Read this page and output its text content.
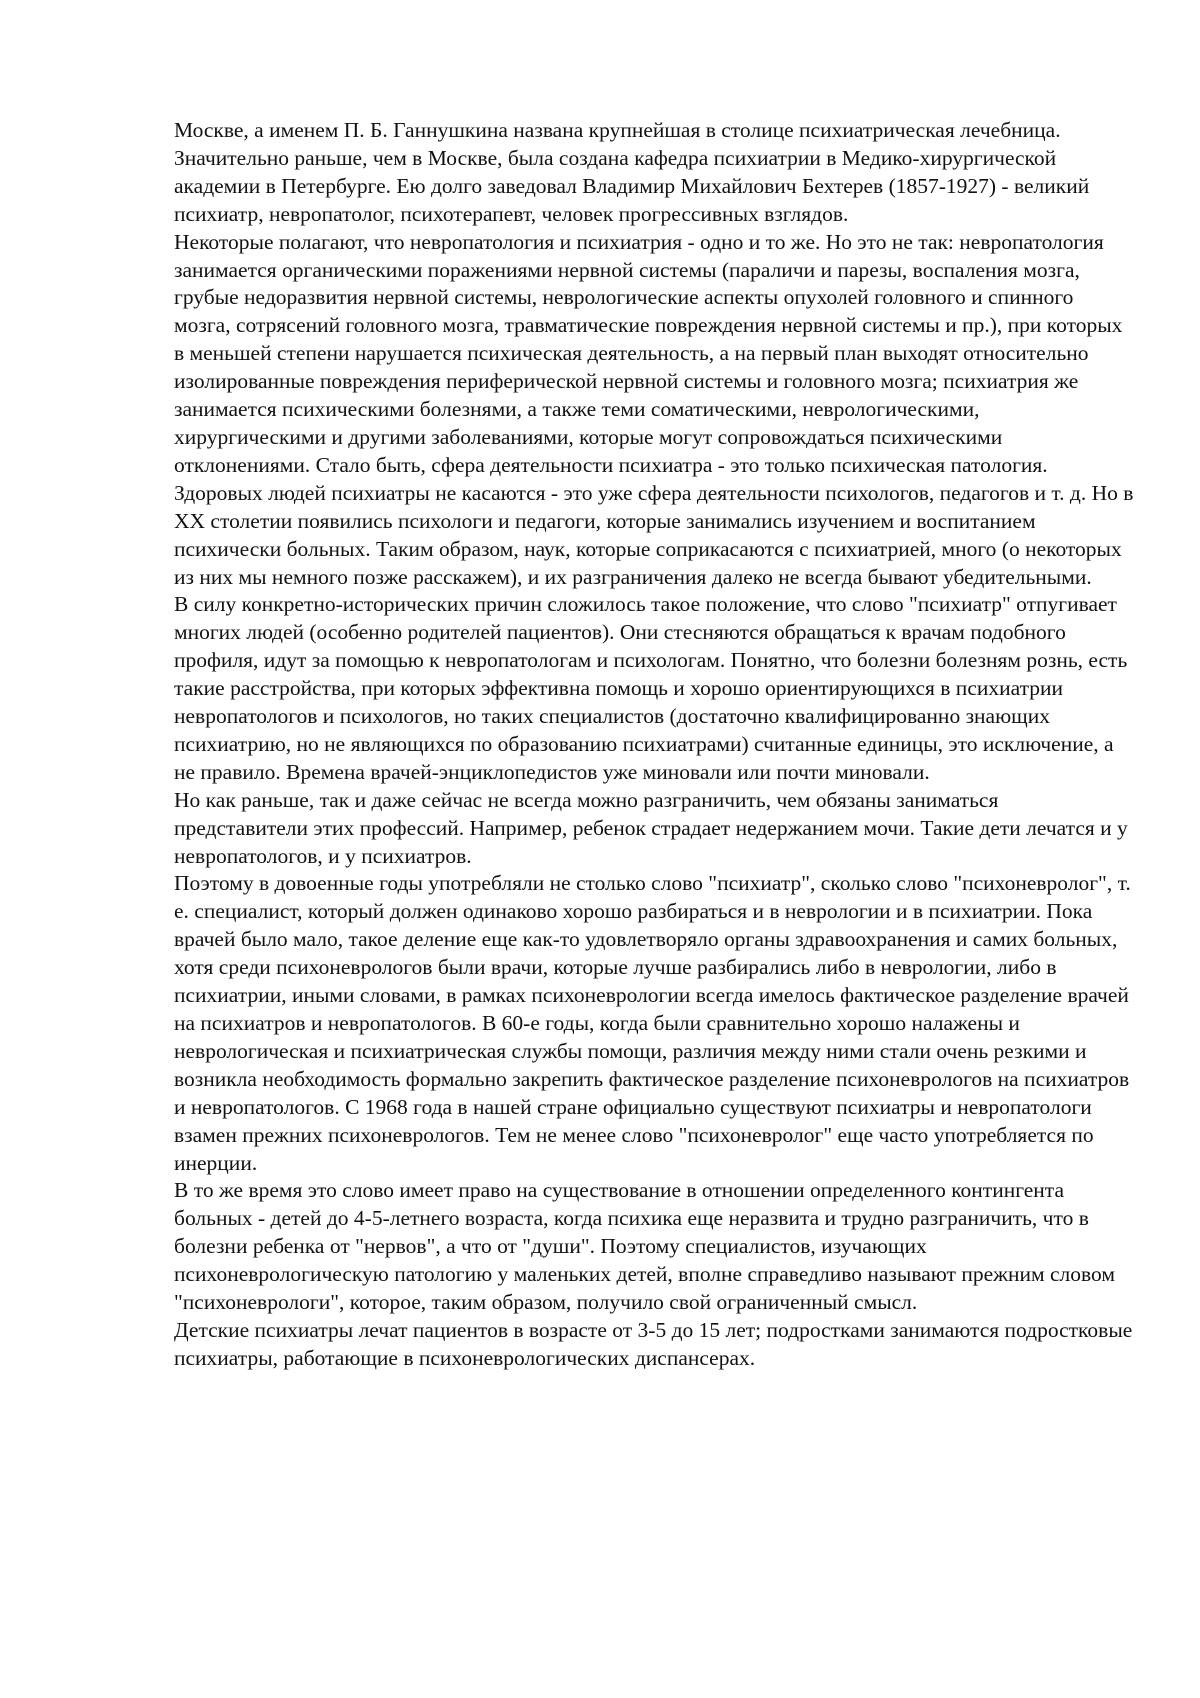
Москве, а именем П. Б. Ганнушкина названа крупнейшая в столице психиатрическая лечебница.

Значительно раньше, чем в Москве, была создана кафедра психиатрии в Медико-хирургической академии в Петербурге. Ею долго заведовал Владимир Михайлович Бехтерев (1857-1927) - великий психиатр, невропатолог, психотерапевт, человек прогрессивных взглядов.

Некоторые полагают, что невропатология и психиатрия - одно и то же. Но это не так: невропатология занимается органическими поражениями нервной системы (параличи и парезы, воспаления мозга, грубые недоразвития нервной системы, неврологические аспекты опухолей головного и спинного мозга, сотрясений головного мозга, травматические повреждения нервной системы и пр.), при которых в меньшей степени нарушается психическая деятельность, а на первый план выходят относительно изолированные повреждения периферической нервной системы и головного мозга; психиатрия же занимается психическими болезнями, а также теми соматическими, неврологическими, хирургическими и другими заболеваниями, которые могут сопровождаться психическими отклонениями. Стало быть, сфера деятельности психиатра - это только психическая патология. Здоровых людей психиатры не касаются - это уже сфера деятельности психологов, педагогов и т. д. Но в XX столетии появились психологи и педагоги, которые занимались изучением и воспитанием психически больных. Таким образом, наук, которые соприкасаются с психиатрией, много (о некоторых из них мы немного позже расскажем), и их разграничения далеко не всегда бывают убедительными.

В силу конкретно-исторических причин сложилось такое положение, что слово "психиатр" отпугивает многих людей (особенно родителей пациентов). Они стесняются обращаться к врачам подобного профиля, идут за помощью к невропатологам и психологам. Понятно, что болезни болезням рознь, есть такие расстройства, при которых эффективна помощь и хорошо ориентирующихся в психиатрии невропатологов и психологов, но таких специалистов (достаточно квалифицированно знающих психиатрию, но не являющихся по образованию психиатрами) считанные единицы, это исключение, а не правило. Времена врачей-энциклопедистов уже миновали или почти миновали.

Но как раньше, так и даже сейчас не всегда можно разграничить, чем обязаны заниматься представители этих профессий. Например, ребенок страдает недержанием мочи. Такие дети лечатся и у невропатологов, и у психиатров.

Поэтому в довоенные годы употребляли не столько слово "психиатр", сколько слово "психоневролог", т. е. специалист, который должен одинаково хорошо разбираться и в неврологии и в психиатрии. Пока врачей было мало, такое деление еще как-то удовлетворяло органы здравоохранения и самих больных, хотя среди психоневрологов были врачи, которые лучше разбирались либо в неврологии, либо в психиатрии, иными словами, в рамках психоневрологии всегда имелось фактическое разделение врачей на психиатров и невропатологов. В 60-е годы, когда были сравнительно хорошо налажены и неврологическая и психиатрическая службы помощи, различия между ними стали очень резкими и возникла необходимость формально закрепить фактическое разделение психоневрологов на психиатров и невропатологов. С 1968 года в нашей стране официально существуют психиатры и невропатологи взамен прежних психоневрологов. Тем не менее слово "психоневролог" еще часто употребляется по инерции.

В то же время это слово имеет право на существование в отношении определенного контингента больных - детей до 4-5-летнего возраста, когда психика еще неразвита и трудно разграничить, что в болезни ребенка от "нервов", а что от "души". Поэтому специалистов, изучающих психоневрологическую патологию у маленьких детей, вполне справедливо называют прежним словом "психоневрологи", которое, таким образом, получило свой ограниченный смысл.

Детские психиатры лечат пациентов в возрасте от 3-5 до 15 лет; подростками занимаются подростковые психиатры, работающие в психоневрологических диспансерах.
